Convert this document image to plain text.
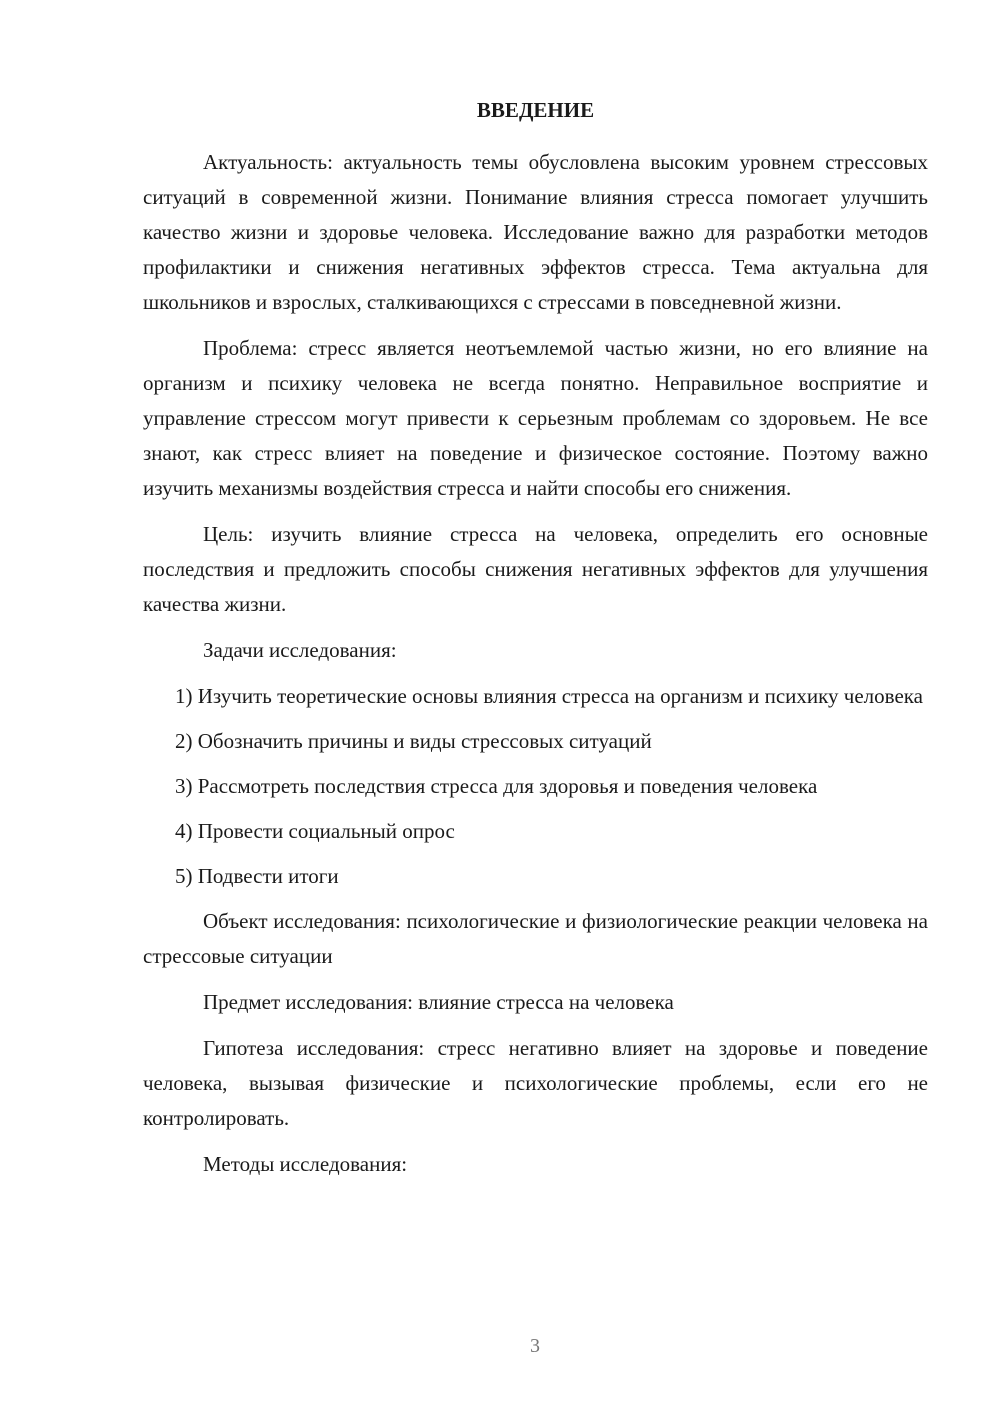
ВВЕДЕНИЕ

Актуальность: актуальность темы обусловлена высоким уровнем стрессовых ситуаций в современной жизни. Понимание влияния стресса помогает улучшить качество жизни и здоровье человека. Исследование важно для разработки методов профилактики и снижения негативных эффектов стресса. Тема актуальна для школьников и взрослых, сталкивающихся с стрессами в повседневной жизни.

Проблема: стресс является неотъемлемой частью жизни, но его влияние на организм и психику человека не всегда понятно. Неправильное восприятие и управление стрессом могут привести к серьезным проблемам со здоровьем. Не все знают, как стресс влияет на поведение и физическое состояние. Поэтому важно изучить механизмы воздействия стресса и найти способы его снижения.

Цель: изучить влияние стресса на человека, определить его основные последствия и предложить способы снижения негативных эффектов для улучшения качества жизни.

Задачи исследования:

1) Изучить теоретические основы влияния стресса на организм и психику человека

2) Обозначить причины и виды стрессовых ситуаций

3) Рассмотреть последствия стресса для здоровья и поведения человека

4) Провести социальный опрос

5) Подвести итоги

Объект исследования: психологические и физиологические реакции человека на стрессовые ситуации

Предмет исследования: влияние стресса на человека

Гипотеза исследования: стресс негативно влияет на здоровье и поведение человека, вызывая физические и психологические проблемы, если его не контролировать.

Методы исследования:

3
